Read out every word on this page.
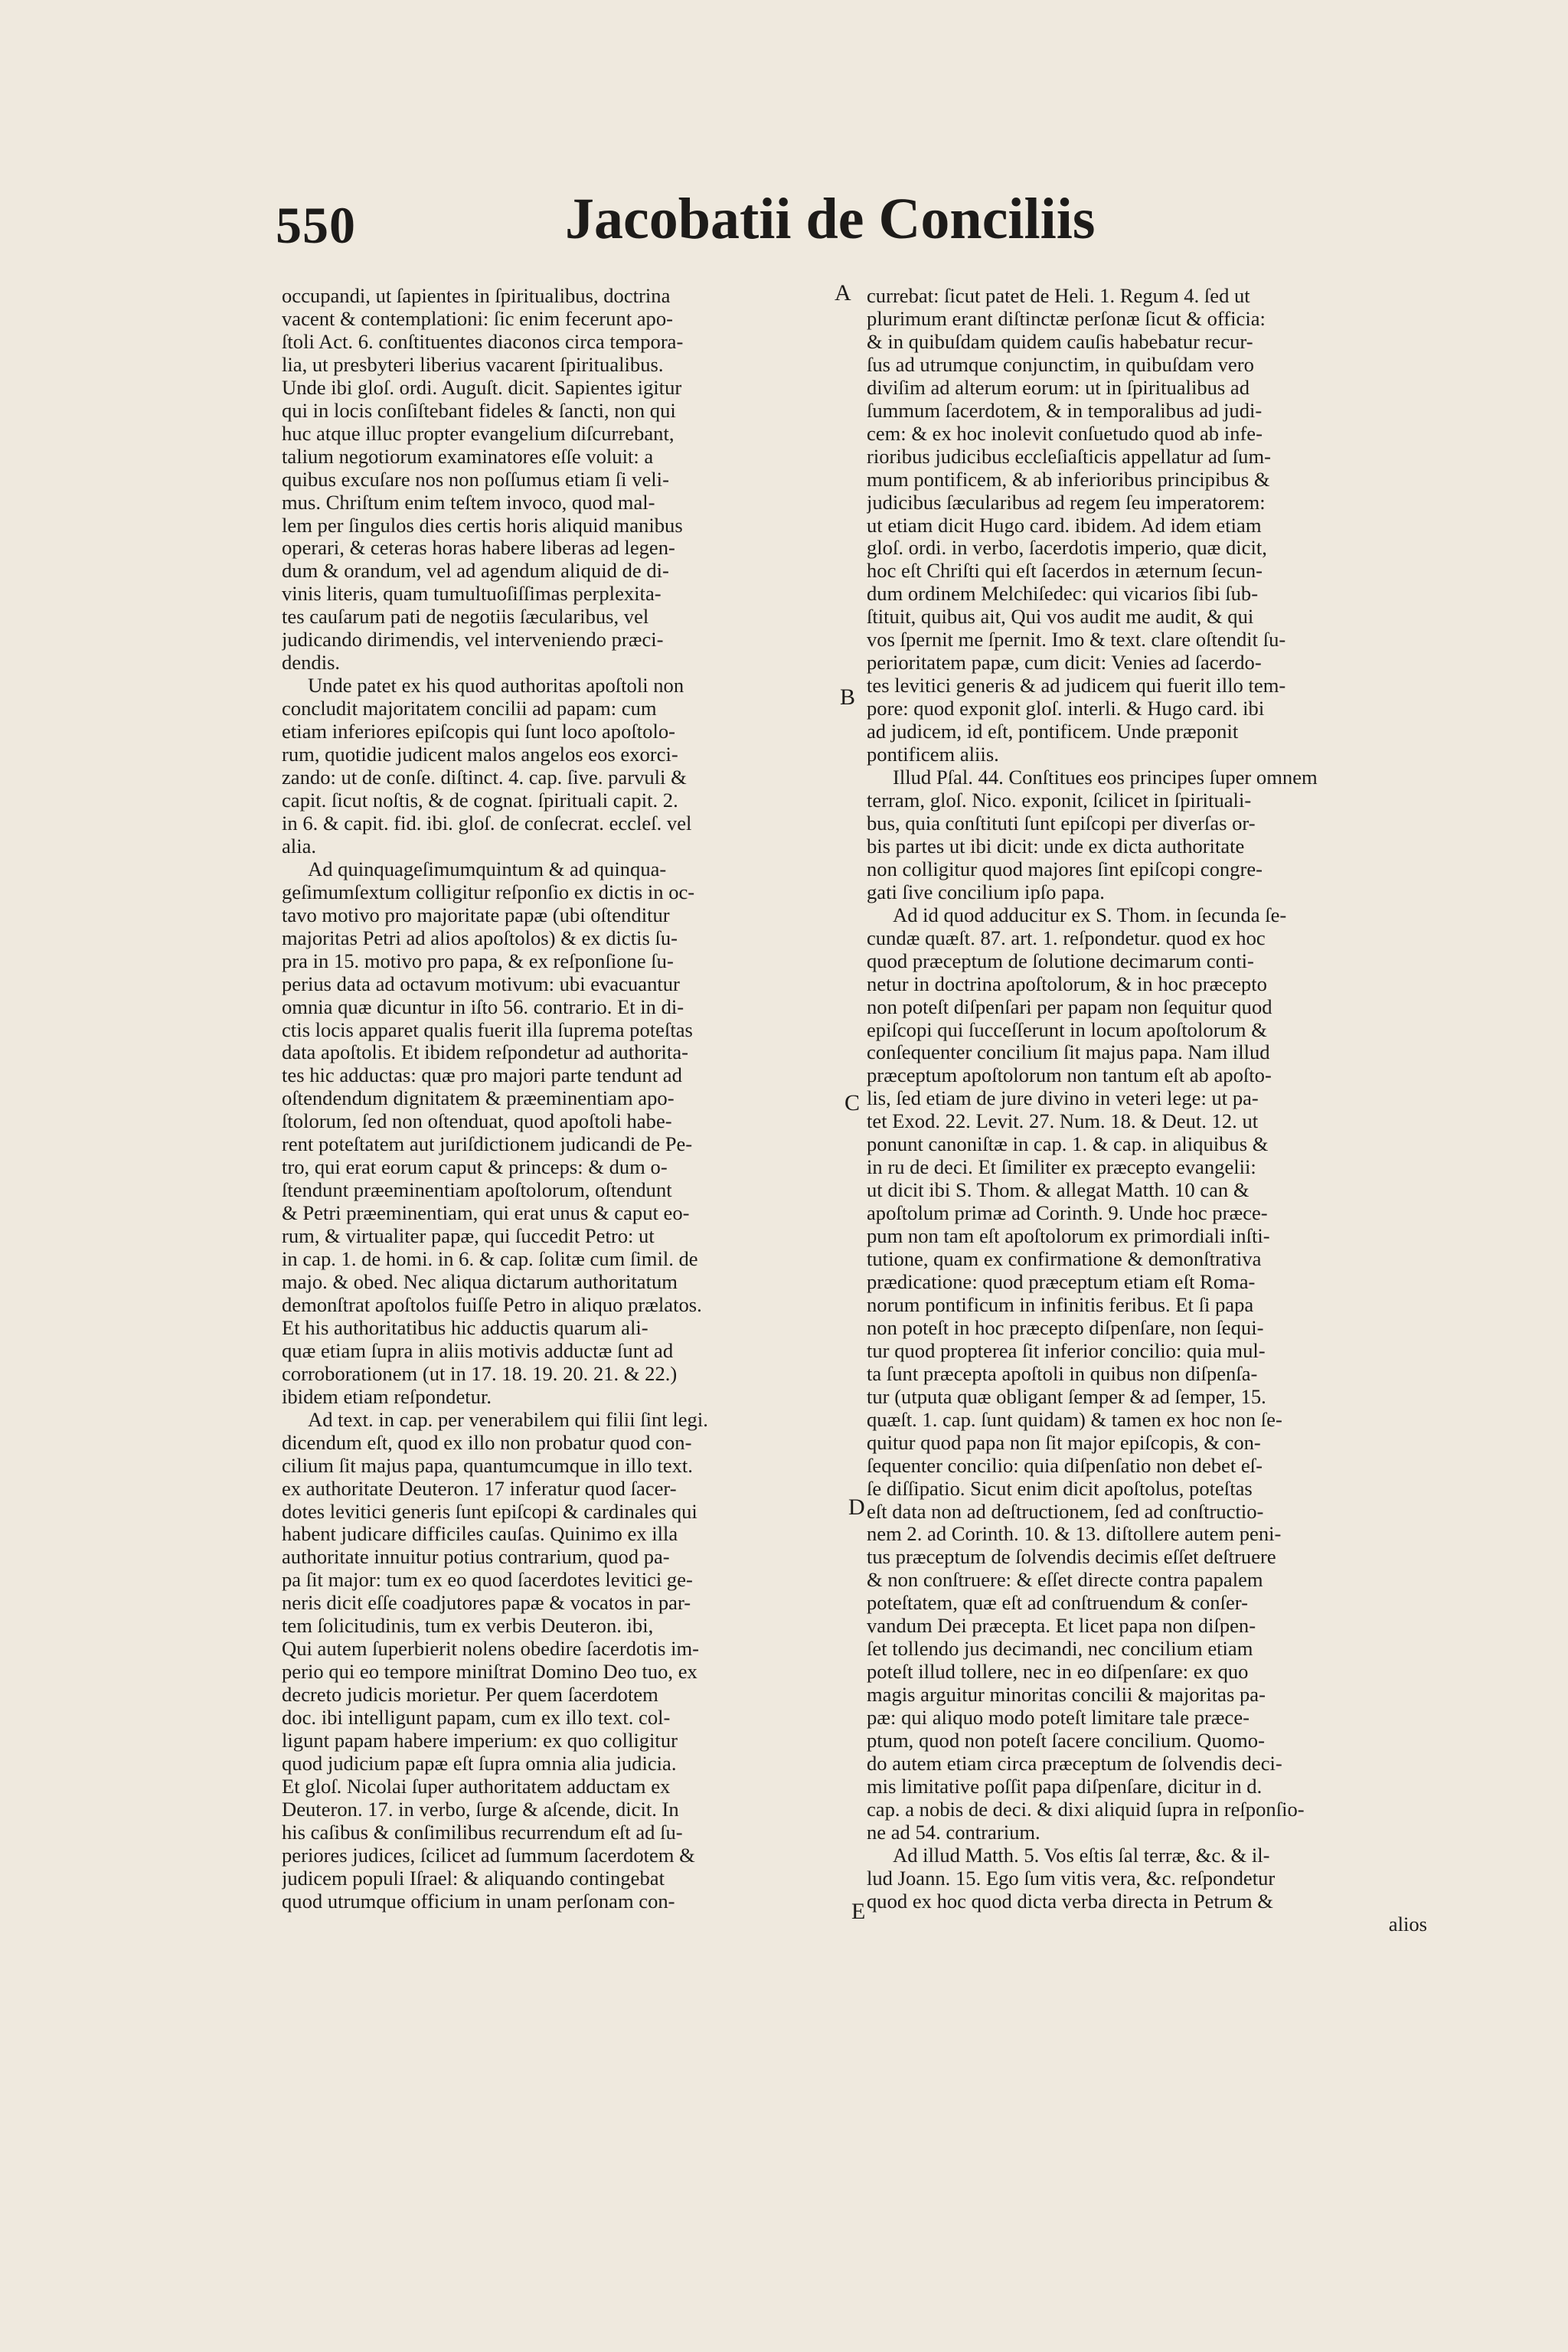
550	Jacobatii de Conciliis

occupandi, ut ſapientes in ſpiritualibus, doctrina

vacent & contemplationi: ſic enim fecerunt apo-

ſtoli Act. 6. conſtituentes diaconos circa tempora-

lia, ut presbyteri liberius vacarent ſpiritualibus.

Unde ibi gloſ. ordi. Auguſt. dicit. Sapientes igitur

qui in locis conſiſtebant fideles & ſancti, non qui

huc atque illuc propter evangelium diſcurrebant,

talium negotiorum examinatores eſſe voluit: a

quibus excuſare nos non poſſumus etiam ſi veli-

mus. Chriſtum enim teſtem invoco, quod mal-

lem per ſingulos dies certis horis aliquid manibus

operari, & ceteras horas habere liberas ad legen-

dum & orandum, vel ad agendum aliquid de di-

vinis literis, quam tumultuoſiſſimas perplexita-

tes cauſarum pati de negotiis ſæcularibus, vel

judicando dirimendis, vel interveniendo præci-

dendis.

Unde patet ex his quod authoritas apoſtoli non

concludit majoritatem concilii ad papam: cum

etiam inferiores epiſcopis qui ſunt loco apoſtolo-

rum, quotidie judicent malos angelos eos exorci-

zando: ut de conſe. diſtinct. 4. cap. ſive. parvuli &

capit. ſicut noſtis, & de cognat. ſpirituali capit. 2.

in 6. & capit. fid. ibi. gloſ. de conſecrat. eccleſ. vel

alia.

Ad quinquageſimumquintum & ad quinqua-

geſimumſextum colligitur reſponſio ex dictis in oc-

tavo motivo pro majoritate papæ (ubi oſtenditur

majoritas Petri ad alios apoſtolos) & ex dictis ſu-

pra in 15. motivo pro papa, & ex reſponſione ſu-

perius data ad octavum motivum: ubi evacuantur

omnia quæ dicuntur in iſto 56. contrario. Et in di-

ctis locis apparet qualis fuerit illa ſuprema poteſtas

data apoſtolis. Et ibidem reſpondetur ad authorita-

tes hic adductas: quæ pro majori parte tendunt ad

oſtendendum dignitatem & præeminentiam apo-

ſtolorum, ſed non oſtenduat, quod apoſtoli habe-

rent poteſtatem aut juriſdictionem judicandi de Pe-

tro, qui erat eorum caput & princeps: & dum o-

ſtendunt præeminentiam apoſtolorum, oſtendunt

& Petri præeminentiam, qui erat unus & caput eo-

rum, & virtualiter papæ, qui ſuccedit Petro: ut

in cap. 1. de homi. in 6. & cap. ſolitæ cum ſimil. de

majo. & obed. Nec aliqua dictarum authoritatum

demonſtrat apoſtolos fuiſſe Petro in aliquo prælatos.

Et his authoritatibus hic adductis quarum ali-

quæ etiam ſupra in aliis motivis adductæ ſunt ad

corroborationem (ut in 17. 18. 19. 20. 21. & 22.)

ibidem etiam reſpondetur.

Ad text. in cap. per venerabilem qui filii ſint legi.

dicendum eſt, quod ex illo non probatur quod con-

cilium ſit majus papa, quantumcumque in illo text.

ex authoritate Deuteron. 17 inferatur quod ſacer-

dotes levitici generis ſunt epiſcopi & cardinales qui

habent judicare difficiles cauſas. Quinimo ex illa

authoritate innuitur potius contrarium, quod pa-

pa ſit major: tum ex eo quod ſacerdotes levitici ge-

neris dicit eſſe coadjutores papæ & vocatos in par-

tem ſolicitudinis, tum ex verbis Deuteron. ibi,

Qui autem ſuperbierit nolens obedire ſacerdotis im-

perio qui eo tempore miniſtrat Domino Deo tuo, ex

decreto judicis morietur. Per quem ſacerdotem

doc. ibi intelligunt papam, cum ex illo text. col-

ligunt papam habere imperium: ex quo colligitur

quod judicium papæ eſt ſupra omnia alia judicia.

Et gloſ. Nicolai ſuper authoritatem adductam ex

Deuteron. 17. in verbo, ſurge & aſcende, dicit. In

his caſibus & conſimilibus recurrendum eſt ad ſu-

periores judices, ſcilicet ad ſummum ſacerdotem &

judicem populi Iſrael: & aliquando contingebat

quod utrumque officium in unam perſonam con-

currebat: ſicut patet de Heli. 1. Regum 4. ſed ut

plurimum erant diſtinctæ perſonæ ſicut & officia:

& in quibuſdam quidem cauſis habebatur recur-

ſus ad utrumque conjunctim, in quibuſdam vero

diviſim ad alterum eorum: ut in ſpiritualibus ad

ſummum ſacerdotem, & in temporalibus ad judi-

cem: & ex hoc inolevit conſuetudo quod ab infe-

rioribus judicibus eccleſiaſticis appellatur ad ſum-

mum pontificem, & ab inferioribus principibus &

judicibus ſæcularibus ad regem ſeu imperatorem:

ut etiam dicit Hugo card. ibidem. Ad idem etiam

gloſ. ordi. in verbo, ſacerdotis imperio, quæ dicit,

hoc eſt Chriſti qui eſt ſacerdos in æternum ſecun-

dum ordinem Melchiſedec: qui vicarios ſibi ſub-

ſtituit, quibus ait, Qui vos audit me audit, & qui

vos ſpernit me ſpernit. Imo & text. clare oſtendit ſu-

perioritatem papæ, cum dicit: Venies ad ſacerdo-

tes levitici generis & ad judicem qui fuerit illo tem-

pore: quod exponit gloſ. interli. & Hugo card. ibi

ad judicem, id eſt, pontificem. Unde præponit

pontificem aliis.

Illud Pſal. 44. Conſtitues eos principes ſuper omnem

terram, gloſ. Nico. exponit, ſcilicet in ſpirituali-

bus, quia conſtituti ſunt epiſcopi per diverſas or-

bis partes ut ibi dicit: unde ex dicta authoritate

non colligitur quod majores ſint epiſcopi congre-

gati ſive concilium ipſo papa.

Ad id quod adducitur ex S. Thom. in ſecunda ſe-

cundæ quæſt. 87. art. 1. reſpondetur. quod ex hoc

quod præceptum de ſolutione decimarum conti-

netur in doctrina apoſtolorum, & in hoc præcepto

non poteſt diſpenſari per papam non ſequitur quod

epiſcopi qui ſucceſſerunt in locum apoſtolorum &

conſequenter concilium ſit majus papa. Nam illud

præceptum apoſtolorum non tantum eſt ab apoſto-

lis, ſed etiam de jure divino in veteri lege: ut pa-

tet Exod. 22. Levit. 27. Num. 18. & Deut. 12. ut

ponunt canoniſtæ in cap. 1. & cap. in aliquibus &

in ru de deci. Et ſimiliter ex præcepto evangelii:

ut dicit ibi S. Thom. & allegat Matth. 10 can &

apoſtolum primæ ad Corinth. 9. Unde hoc præce-

pum non tam eſt apoſtolorum ex primordiali inſti-

tutione, quam ex confirmatione & demonſtrativa

prædicatione: quod præceptum etiam eſt Roma-

norum pontificum in infinitis feribus. Et ſi papa

non poteſt in hoc præcepto diſpenſare, non ſequi-

tur quod propterea ſit inferior concilio: quia mul-

ta ſunt præcepta apoſtoli in quibus non diſpenſa-

tur (utputa quæ obligant ſemper & ad ſemper, 15.

quæſt. 1. cap. ſunt quidam) & tamen ex hoc non ſe-

quitur quod papa non ſit major epiſcopis, & con-

ſequenter concilio: quia diſpenſatio non debet eſ-

ſe diſſipatio. Sicut enim dicit apoſtolus, poteſtas

eſt data non ad deſtructionem, ſed ad conſtructio-

nem 2. ad Corinth. 10. & 13. diſtollere autem peni-

tus præceptum de ſolvendis decimis eſſet deſtruere

& non conſtruere: & eſſet directe contra papalem

poteſtatem, quæ eſt ad conſtruendum & conſer-

vandum Dei præcepta. Et licet papa non diſpen-

ſet tollendo jus decimandi, nec concilium etiam

poteſt illud tollere, nec in eo diſpenſare: ex quo

magis arguitur minoritas concilii & majoritas pa-

pæ: qui aliquo modo poteſt limitare tale præce-

ptum, quod non poteſt ſacere concilium. Quomo-

do autem etiam circa præceptum de ſolvendis deci-

mis limitative poſſit papa diſpenſare, dicitur in d.

cap. a nobis de deci. & dixi aliquid ſupra in reſponſio-

ne ad 54. contrarium.

Ad illud Matth. 5. Vos eſtis ſal terræ, &c. & il-

lud Joann. 15. Ego ſum vitis vera, &c. reſpondetur

quod ex hoc quod dicta verba directa in Petrum &

alios

A
B
C
D
E
